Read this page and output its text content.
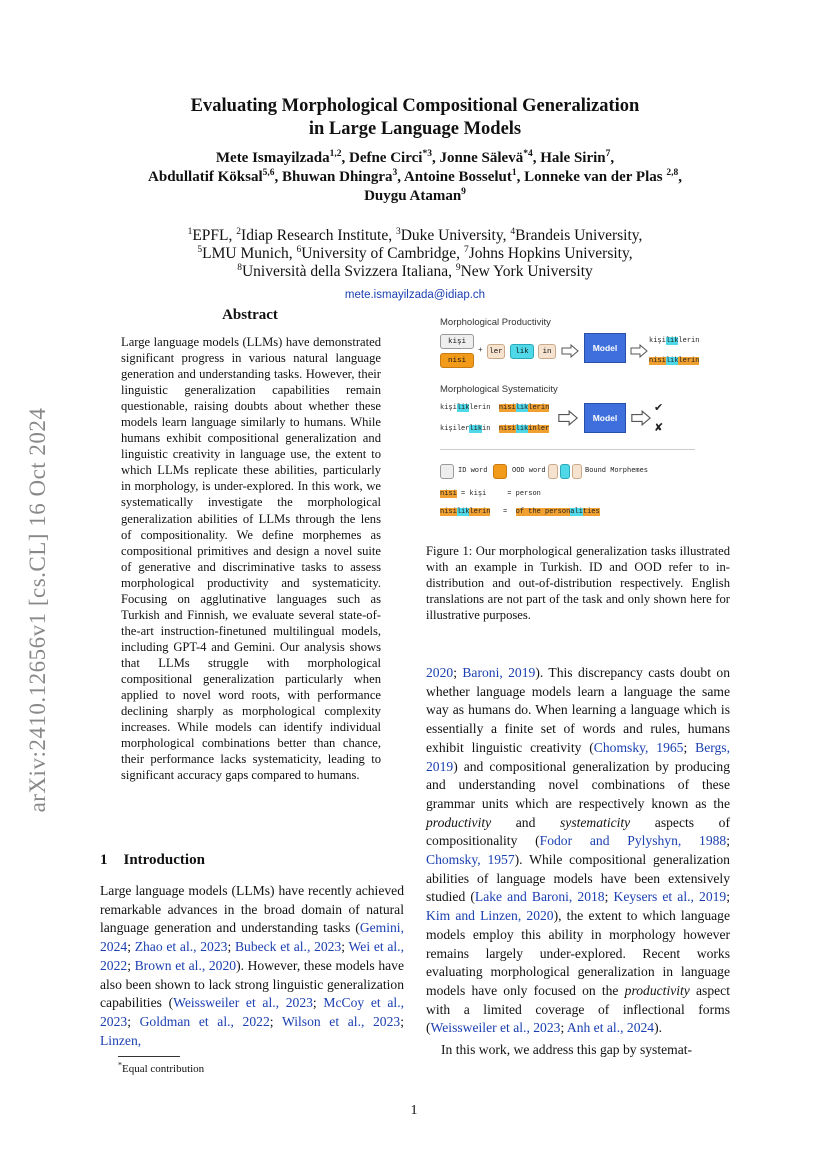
arXiv:2410.12656v1 [cs.CL] 16 Oct 2024
Evaluating Morphological Compositional Generalization
in Large Language Models
Mete Ismayilzada$^{1,2}$, Defne Circi$^{*3}$, Jonne Sälevä$^{*4}$, Hale Sirin$^7$,
Abdullatif Köksal$^{5,6}$, Bhuwan Dhingra$^3$, Antoine Bosselut$^1$, Lonneke van der Plas $^{2,8}$,
Duygu Ataman$^9$
$^1$EPFL, $^2$Idiap Research Institute, $^3$Duke University, $^4$Brandeis University,
$^5$LMU Munich, $^6$University of Cambridge, $^7$Johns Hopkins University,
$^8$Università della Svizzera Italiana, $^9$New York University
mete.ismayilzada@idiap.ch
Abstract

Large language models (LLMs) have demonstrated significant progress in various natural language generation and understanding tasks. However, their linguistic generalization capabilities remain questionable, raising doubts about whether these models learn language similarly to humans. While humans exhibit compositional generalization and linguistic creativity in language use, the extent to which LLMs replicate these abilities, particularly in morphology, is under-explored. In this work, we systematically investigate the morphological generalization abilities of LLMs through the lens of compositionality. We define morphemes as compositional primitives and design a novel suite of generative and discriminative tasks to assess morphological productivity and systematicity. Focusing on agglutinative languages such as Turkish and Finnish, we evaluate several state-of-the-art instruction-finetuned multilingual models, including GPT-4 and Gemini. Our analysis shows that LLMs struggle with morphological compositional generalization particularly when applied to novel word roots, with performance declining sharply as morphological complexity increases. While models can identify individual morphological combinations better than chance, their performance lacks systematicity, leading to significant accuracy gaps compared to humans.

Morphological Productivity
kişi
nisi
+ ler	lik	in	Model
kişiliklerin
nisiliklerin
Morphological Systematicity
kişiliklerin nisiliklerin
kişilerlikin nisilikinler
Model
✔
✘
ID word	OOD word	Bound Morphemes
nisi = kişi	= person
nisiliklerin = of the personalities
Figure 1: Our morphological generalization tasks illustrated with an example in Turkish. ID and OOD refer to in-distribution and out-of-distribution respectively. English translations are not part of the task and only shown here for illustrative purposes.
1 Introduction
Large language models (LLMs) have recently achieved remarkable advances in the broad domain of natural language generation and understanding tasks (Gemini, 2024; Zhao et al., 2023; Bubeck et al., 2023; Wei et al., 2022; Brown et al., 2020). However, these models have also been shown to lack strong linguistic generalization capabilities (Weissweiler et al., 2023; McCoy et al., 2023; Goldman et al., 2022; Wilson et al., 2023; Linzen,
*Equal contribution
2020; Baroni, 2019). This discrepancy casts doubt on whether language models learn a language the same way as humans do. When learning a language which is essentially a finite set of words and rules, humans exhibit linguistic creativity (Chomsky, 1965; Bergs, 2019) and compositional generalization by producing and understanding novel combinations of these grammar units which are respectively known as the productivity and systematicity aspects of compositionality (Fodor and Pylyshyn, 1988; Chomsky, 1957). While compositional generalization abilities of language models have been extensively studied (Lake and Baroni, 2018; Keysers et al., 2019; Kim and Linzen, 2020), the extent to which language models employ this ability in morphology however remains largely under-explored. Recent works evaluating morphological generalization in language models have only focused on the productivity aspect with a limited coverage of inflectional forms (Weissweiler et al., 2023; Anh et al., 2024).
In this work, we address this gap by systemat-
1
